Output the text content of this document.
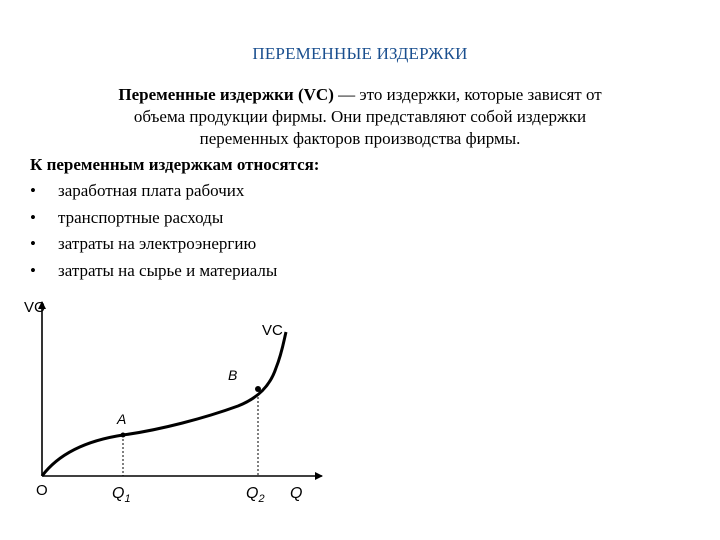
ПЕРЕМЕННЫЕ ИЗДЕРЖКИ
Переменные издержки (VC) — это издержки, которые зависят от
объема продукции фирмы. Они представляют собой издержки
переменных факторов производства фирмы.
К переменным издержкам относятся:
•	заработная плата рабочих
•	транспортные расходы
•	затраты на электроэнергию
•	затраты на сырье и материалы
VC
VC
B
A
O	$Q_1$	$Q_2$ Q
